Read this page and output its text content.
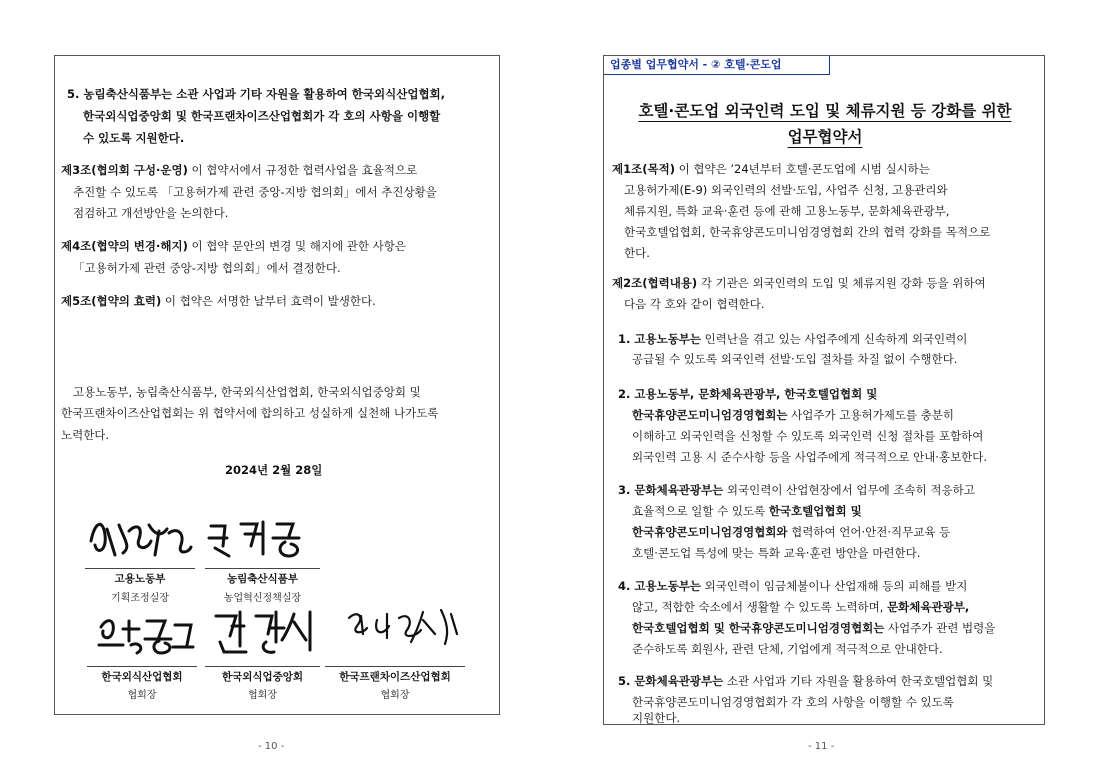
5. 농림축산식품부는 소관 사업과 기타 자원을 활용하여 한국외식산업협회,
한국외식업중앙회 및 한국프랜차이즈산업협회가 각 호의 사항을 이행할
수 있도록 지원한다.
제3조(협의회 구성·운영) 이 협약서에서 규정한 협력사업을 효율적으로
추진할 수 있도록 「고용허가제 관련 중앙-지방 협의회」에서 추진상황을
점검하고 개선방안을 논의한다.
제4조(협약의 변경·해지) 이 협약 문안의 변경 및 해지에 관한 사항은
「고용허가제 관련 중앙-지방 협의회」에서 결정한다.
제5조(협약의 효력) 이 협약은 서명한 날부터 효력이 발생한다.
고용노동부, 농림축산식품부, 한국외식산업협회, 한국외식업중앙회 및
한국프랜차이즈산업협회는 위 협약서에 합의하고 성실하게 실천해 나가도록
노력한다.
2024년 2월 28일
고용노동부
기획조정실장
농림축산식품부
농업혁신정책실장
한국외식산업협회
협회장
한국외식업중앙회
협회장
한국프랜차이즈산업협회
협회장
- 10 -
업종별 업무협약서 - ② 호텔·콘도업
호텔·콘도업 외국인력 도입 및 체류지원 등 강화를 위한
업무협약서
제1조(목적) 이 협약은 ’24년부터 호텔·콘도업에 시범 실시하는
고용허가제(E-9) 외국인력의 선발·도입, 사업주 신청, 고용관리와
체류지원, 특화 교육·훈련 등에 관해 고용노동부, 문화체육관광부,
한국호텔업협회, 한국휴양콘도미니엄경영협회 간의 협력 강화를 목적으로
한다.
제2조(협력내용) 각 기관은 외국인력의 도입 및 체류지원 강화 등을 위하여
다음 각 호와 같이 협력한다.
1. 고용노동부는 인력난을 겪고 있는 사업주에게 신속하게 외국인력이
공급될 수 있도록 외국인력 선발·도입 절차를 차질 없이 수행한다.
2. 고용노동부, 문화체육관광부, 한국호텔업협회 및
한국휴양콘도미니엄경영협회는 사업주가 고용허가제도를 충분히
이해하고 외국인력을 신청할 수 있도록 외국인력 신청 절차를 포함하여
외국인력 고용 시 준수사항 등을 사업주에게 적극적으로 안내·홍보한다.
3. 문화체육관광부는 외국인력이 산업현장에서 업무에 조속히 적응하고
효율적으로 일할 수 있도록 한국호텔업협회 및
한국휴양콘도미니엄경영협회와 협력하여 언어·안전·직무교육 등
호텔·콘도업 특성에 맞는 특화 교육·훈련 방안을 마련한다.
4. 고용노동부는 외국인력이 임금체불이나 산업재해 등의 피해를 받지
않고, 적합한 숙소에서 생활할 수 있도록 노력하며, 문화체육관광부,
한국호텔업협회 및 한국휴양콘도미니엄경영협회는 사업주가 관련 법령을
준수하도록 회원사, 관련 단체, 기업에게 적극적으로 안내한다.
5. 문화체육관광부는 소관 사업과 기타 자원을 활용하여 한국호텔업협회 및
한국휴양콘도미니엄경영협회가 각 호의 사항을 이행할 수 있도록
지원한다.
- 11 -
